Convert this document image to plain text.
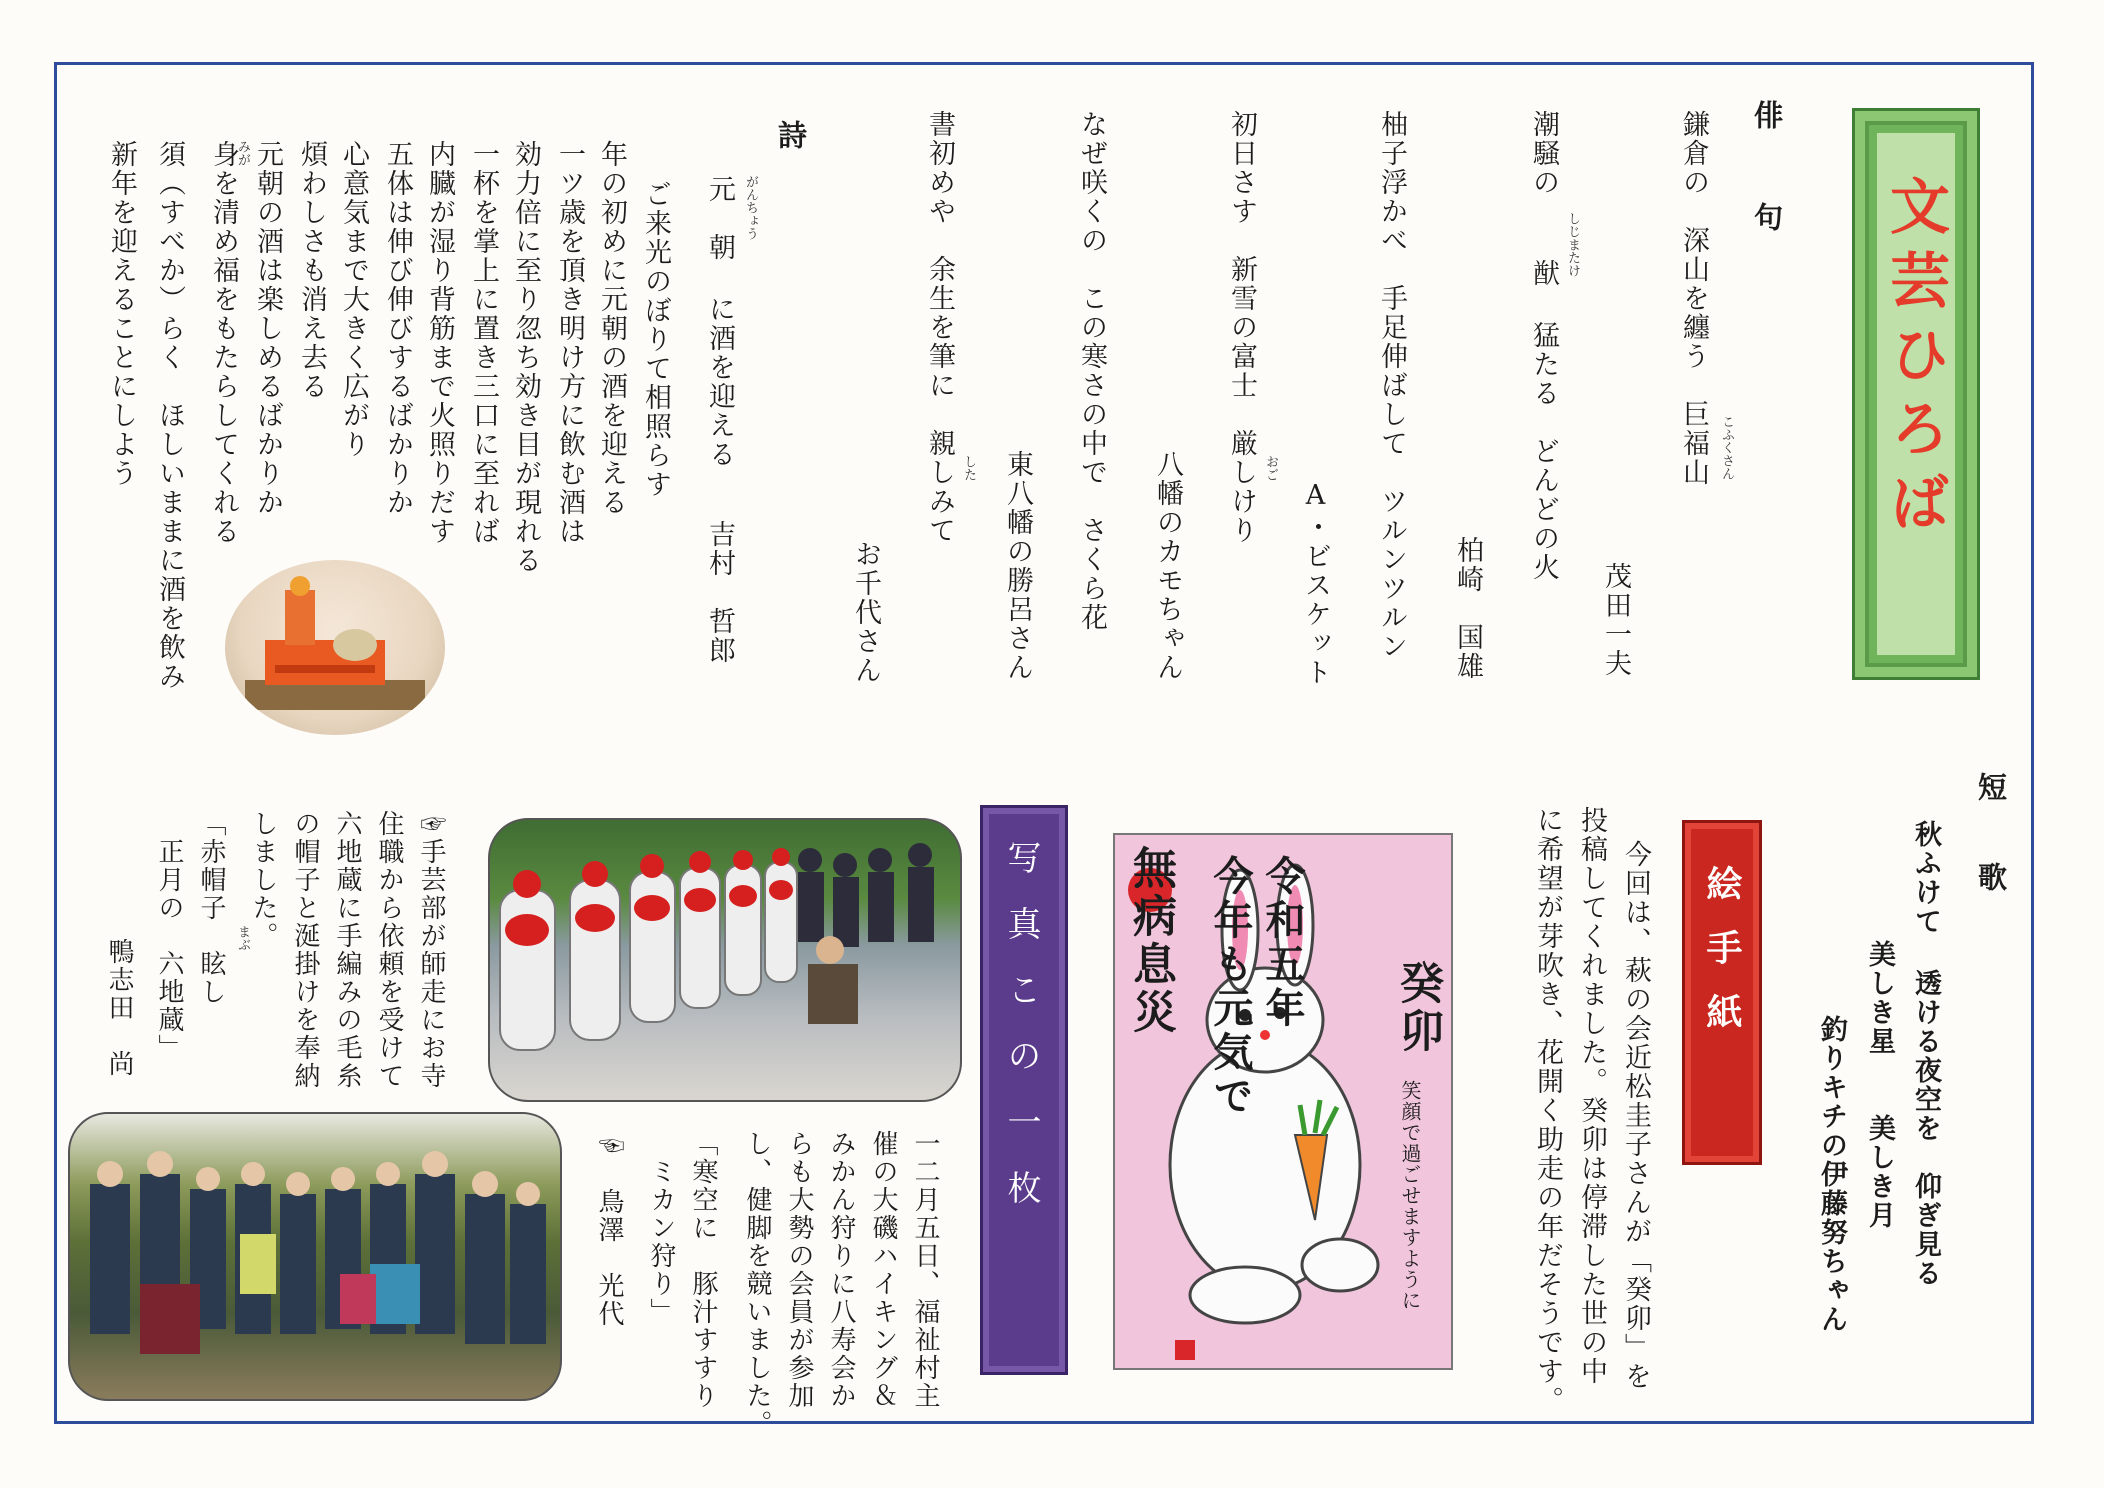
文芸ひろば
俳　句
鎌倉の　深山を纏う　巨福山 こふくさん
茂田一夫
潮騒の　 猷 猛たる　どんどの火 しじまたけ
柏崎　国雄
柚子浮かべ　手足伸ばして　ツルンツルン
A・ビスケット
初日さす　新雪の富士　厳しけり おご
八幡のカモちゃん
なぜ咲くの　この寒さの中で　さくら花
東八幡の勝呂さん
書初めや　余生を筆に　親しみて した
お千代さん
詩
元　朝 に酒を迎える がんちょう
吉村　哲郎
ご来光のぼりて相照らす
年の初めに元朝の酒を迎える
一ツ歳を頂き明け方に飲む酒は
効力倍に至り忽ち効き目が現れる
一杯を掌上に置き三口に至れば
内臓が湿り背筋まで火照りだす
五体は伸び伸びするばかりか
心意気まで大きく広がり
煩わしさも消え去る
元朝の酒は楽しめるばかりか
みが
身を清め福をもたらしてくれる
須（すべか）らく　ほしいままに酒を飲み
新年を迎えることにしよう
短　歌
秋ふけて 透ける夜空を　仰ぎ見る
美しき星　　美しき月
釣りキチの伊藤努ちゃん
絵手紙
今回は、萩の会近松圭子さんが「癸卯」を
投稿してくれました。癸卯は停滞した世の中
に希望が芽吹き、花開く助走の年だそうです。
令和五年
今年も元気で
無病息災	癸卯
笑顔で過ごせますように
写真この一枚
☞手芸部が師走にお寺
住職から依頼を受けて
六地蔵に手編みの毛糸
の帽子と涎掛けを奉納
しました。
「赤帽子　眩し まぶ
　正月の　六地蔵」
鴨志田　尚
一二月五日、福祉村主
催の大磯ハイキング＆
みかん狩りに八寿会か
らも大勢の会員が参加
し、健脚を競いました。
「寒空に　豚汁すすり
　ミカン狩り」
☜　鳥澤　光代
